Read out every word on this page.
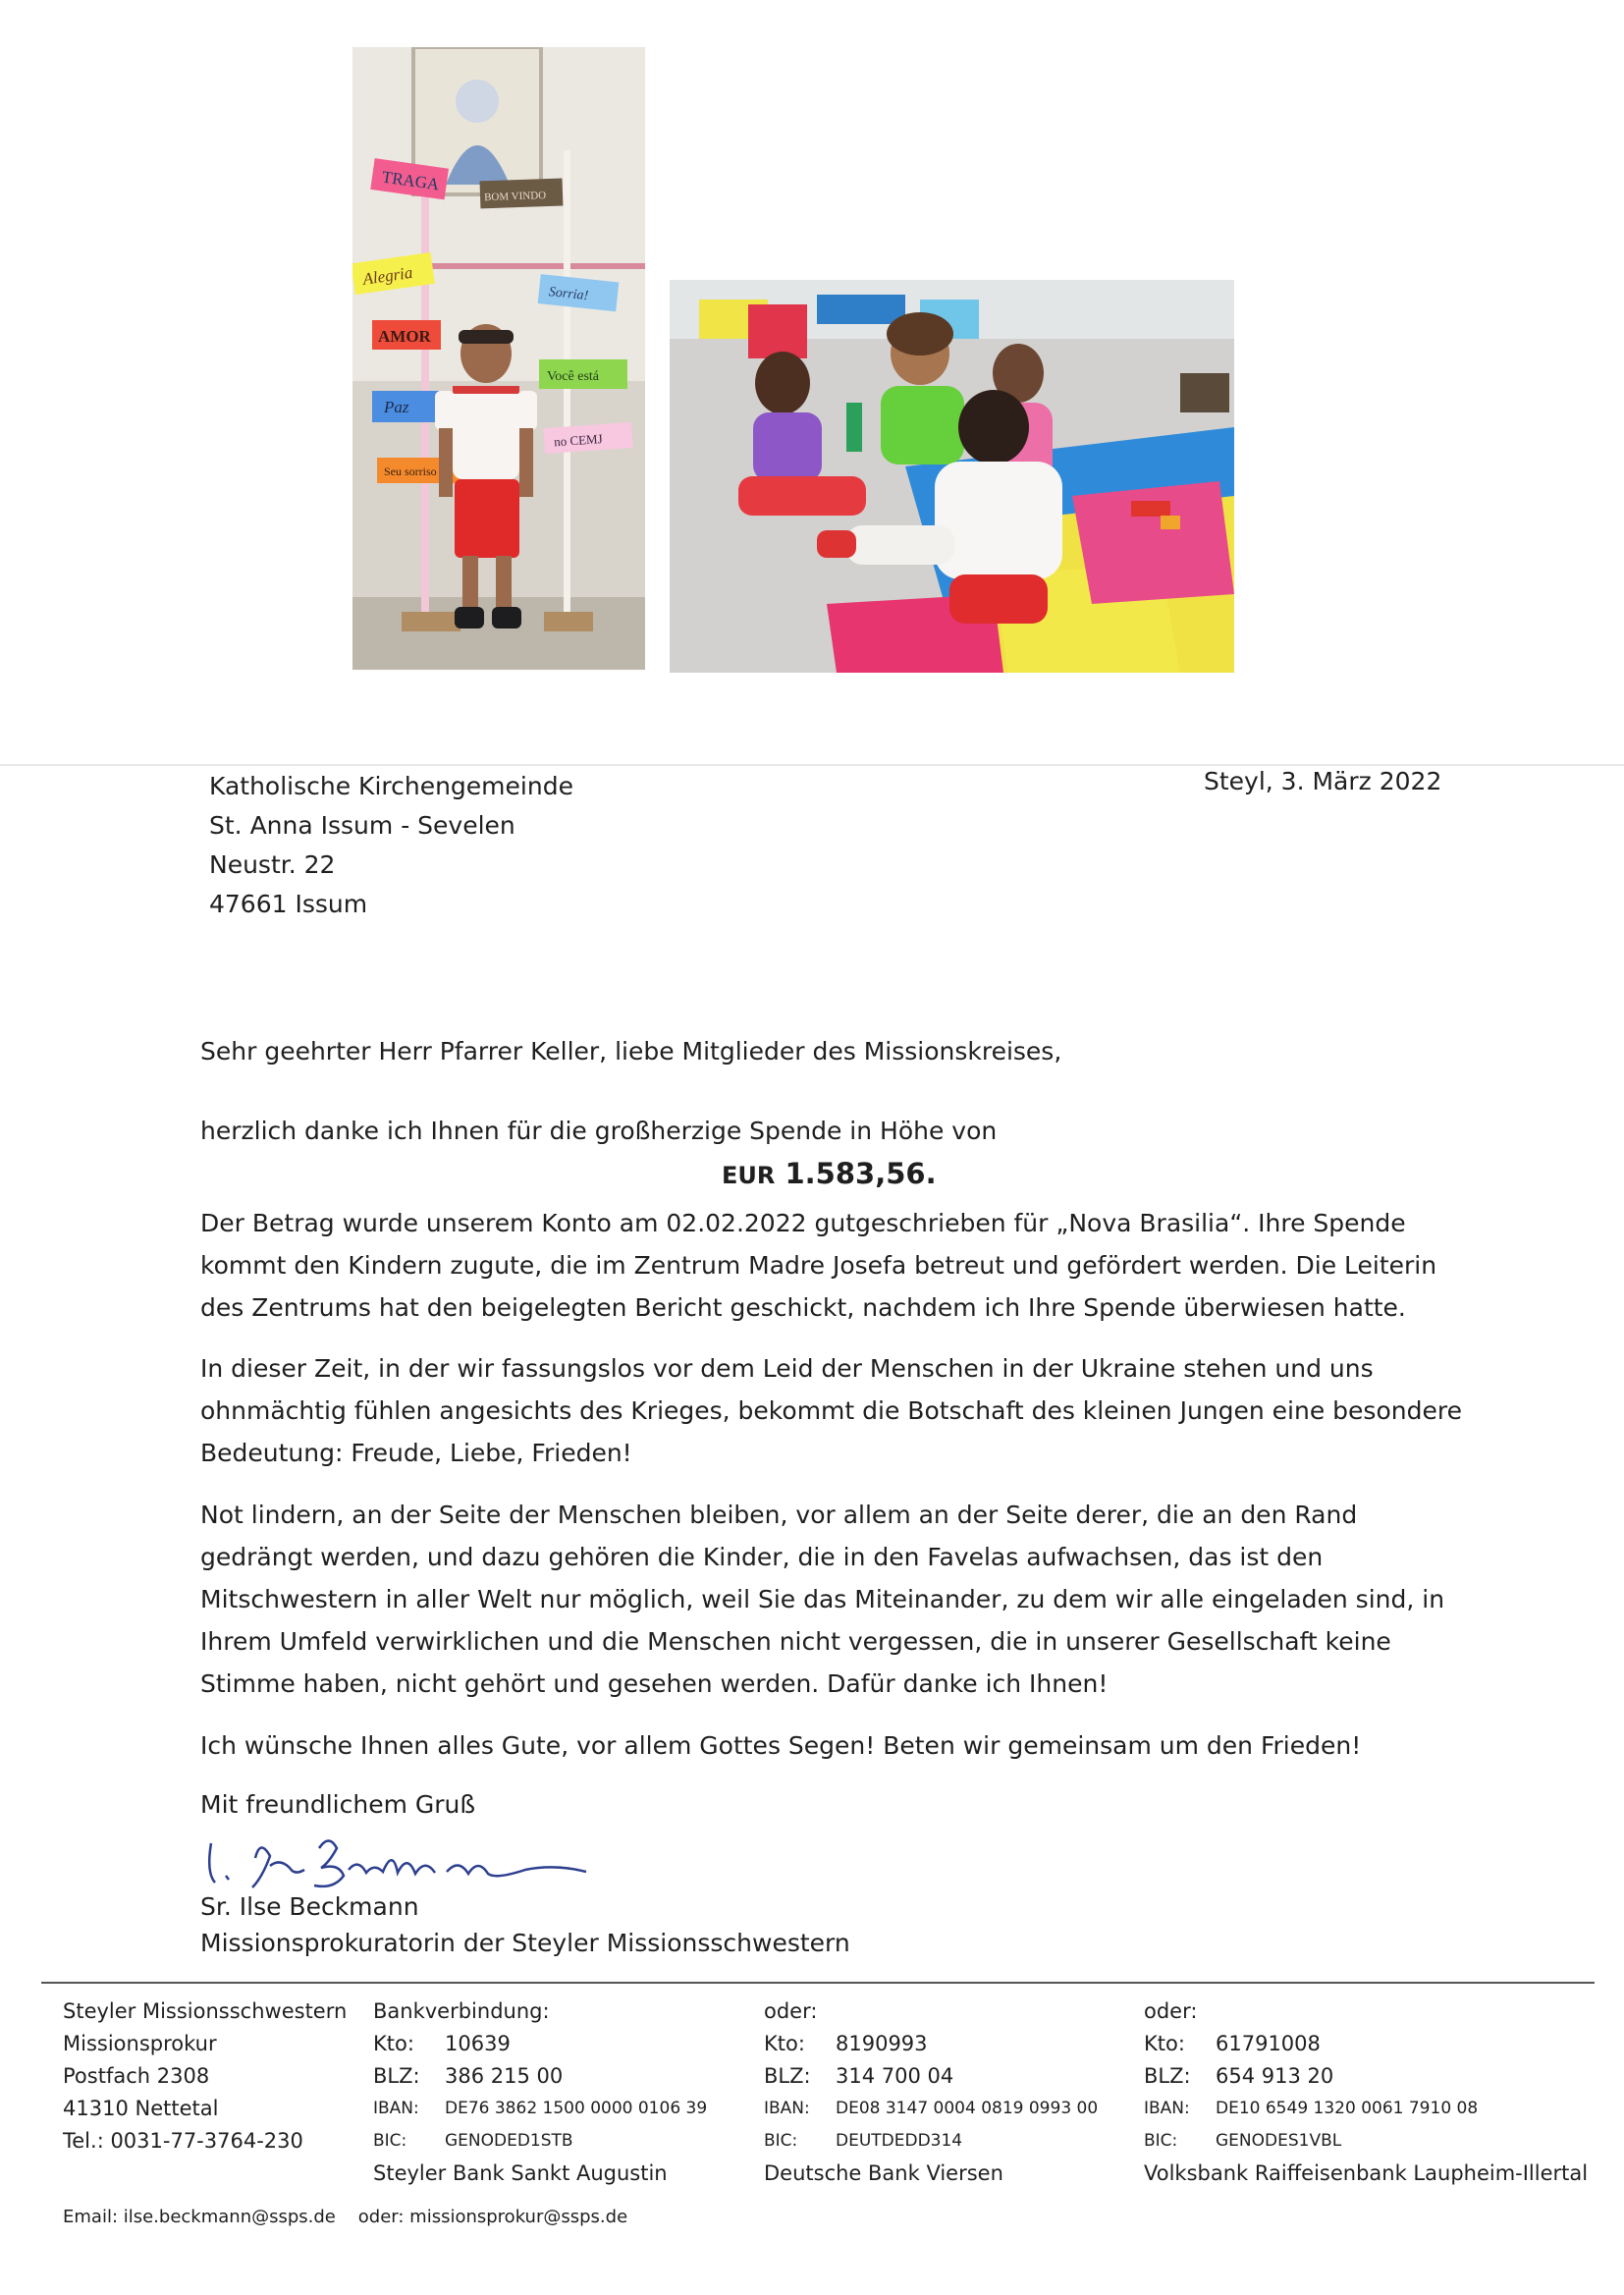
TRAGA
BOM VINDO
Alegria
Sorria!
AMOR
Você está
Paz
no CEMJ
Seu sorriso
Katholische Kirchengemeinde
St. Anna Issum - Sevelen
Neustr. 22
47661 Issum
Steyl, 3. März 2022
Sehr geehrter Herr Pfarrer Keller, liebe Mitglieder des Missionskreises,
herzlich danke ich Ihnen für die großherzige Spende in Höhe von
EUR 1.583,56.

Der Betrag wurde unserem Konto am 02.02.2022 gutgeschrieben für „Nova Brasilia“. Ihre Spende kommt den Kindern zugute, die im Zentrum Madre Josefa betreut und gefördert werden. Die Leiterin des Zentrums hat den beigelegten Bericht geschickt, nachdem ich Ihre Spende überwiesen hatte.

In dieser Zeit, in der wir fassungslos vor dem Leid der Menschen in der Ukraine stehen und uns ohnmächtig fühlen angesichts des Krieges, bekommt die Botschaft des kleinen Jungen eine besondere Bedeutung: Freude, Liebe, Frieden!

Not lindern, an der Seite der Menschen bleiben, vor allem an der Seite derer, die an den Rand gedrängt werden, und dazu gehören die Kinder, die in den Favelas aufwachsen, das ist den Mitschwestern in aller Welt nur möglich, weil Sie das Miteinander, zu dem wir alle eingeladen sind, in Ihrem Umfeld verwirklichen und die Menschen nicht vergessen, die in unserer Gesellschaft keine Stimme haben, nicht gehört und gesehen werden. Dafür danke ich Ihnen!

Ich wünsche Ihnen alles Gute, vor allem Gottes Segen! Beten wir gemeinsam um den Frieden!

Mit freundlichem Gruß
Sr. Ilse Beckmann
Missionsprokuratorin der Steyler Missionsschwestern
Steyler Missionsschwestern
Missionsprokur
Postfach 2308
41310 Nettetal
Tel.: 0031-77-3764-230
Bankverbindung:
Kto: 10639
BLZ: 386 215 00
IBAN: DE76 3862 1500 0000 0106 39
BIC: GENODED1STB
Steyler Bank Sankt Augustin
oder:
Kto: 8190993
BLZ: 314 700 04
IBAN: DE08 3147 0004 0819 0993 00
BIC: DEUTDEDD314
Deutsche Bank Viersen
oder:
Kto: 61791008
BLZ: 654 913 20
IBAN: DE10 6549 1320 0061 7910 08
BIC: GENODES1VBL
Volksbank Raiffeisenbank Laupheim-Illertal
Email: ilse.beckmann@ssps.de    oder: missionsprokur@ssps.de
